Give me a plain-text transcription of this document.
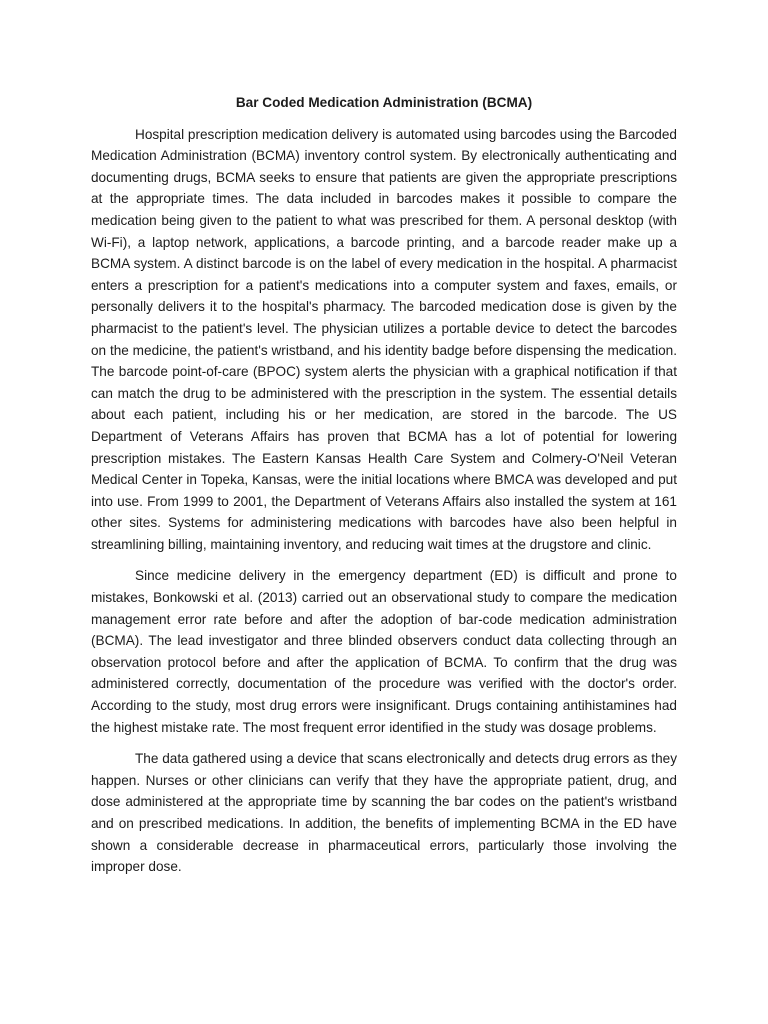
Bar Coded Medication Administration (BCMA)

Hospital prescription medication delivery is automated using barcodes using the Barcoded Medication Administration (BCMA) inventory control system. By electronically authenticating and documenting drugs, BCMA seeks to ensure that patients are given the appropriate prescriptions at the appropriate times. The data included in barcodes makes it possible to compare the medication being given to the patient to what was prescribed for them. A personal desktop (with Wi-Fi), a laptop network, applications, a barcode printing, and a barcode reader make up a BCMA system. A distinct barcode is on the label of every medication in the hospital. A pharmacist enters a prescription for a patient's medications into a computer system and faxes, emails, or personally delivers it to the hospital's pharmacy. The barcoded medication dose is given by the pharmacist to the patient's level. The physician utilizes a portable device to detect the barcodes on the medicine, the patient's wristband, and his identity badge before dispensing the medication. The barcode point-of-care (BPOC) system alerts the physician with a graphical notification if that can match the drug to be administered with the prescription in the system. The essential details about each patient, including his or her medication, are stored in the barcode. The US Department of Veterans Affairs has proven that BCMA has a lot of potential for lowering prescription mistakes. The Eastern Kansas Health Care System and Colmery-O'Neil Veteran Medical Center in Topeka, Kansas, were the initial locations where BMCA was developed and put into use. From 1999 to 2001, the Department of Veterans Affairs also installed the system at 161 other sites. Systems for administering medications with barcodes have also been helpful in streamlining billing, maintaining inventory, and reducing wait times at the drugstore and clinic.

Since medicine delivery in the emergency department (ED) is difficult and prone to mistakes, Bonkowski et al. (2013) carried out an observational study to compare the medication management error rate before and after the adoption of bar-code medication administration (BCMA). The lead investigator and three blinded observers conduct data collecting through an observation protocol before and after the application of BCMA. To confirm that the drug was administered correctly, documentation of the procedure was verified with the doctor's order. According to the study, most drug errors were insignificant. Drugs containing antihistamines had the highest mistake rate. The most frequent error identified in the study was dosage problems.

The data gathered using a device that scans electronically and detects drug errors as they happen. Nurses or other clinicians can verify that they have the appropriate patient, drug, and dose administered at the appropriate time by scanning the bar codes on the patient's wristband and on prescribed medications. In addition, the benefits of implementing BCMA in the ED have shown a considerable decrease in pharmaceutical errors, particularly those involving the improper dose.
